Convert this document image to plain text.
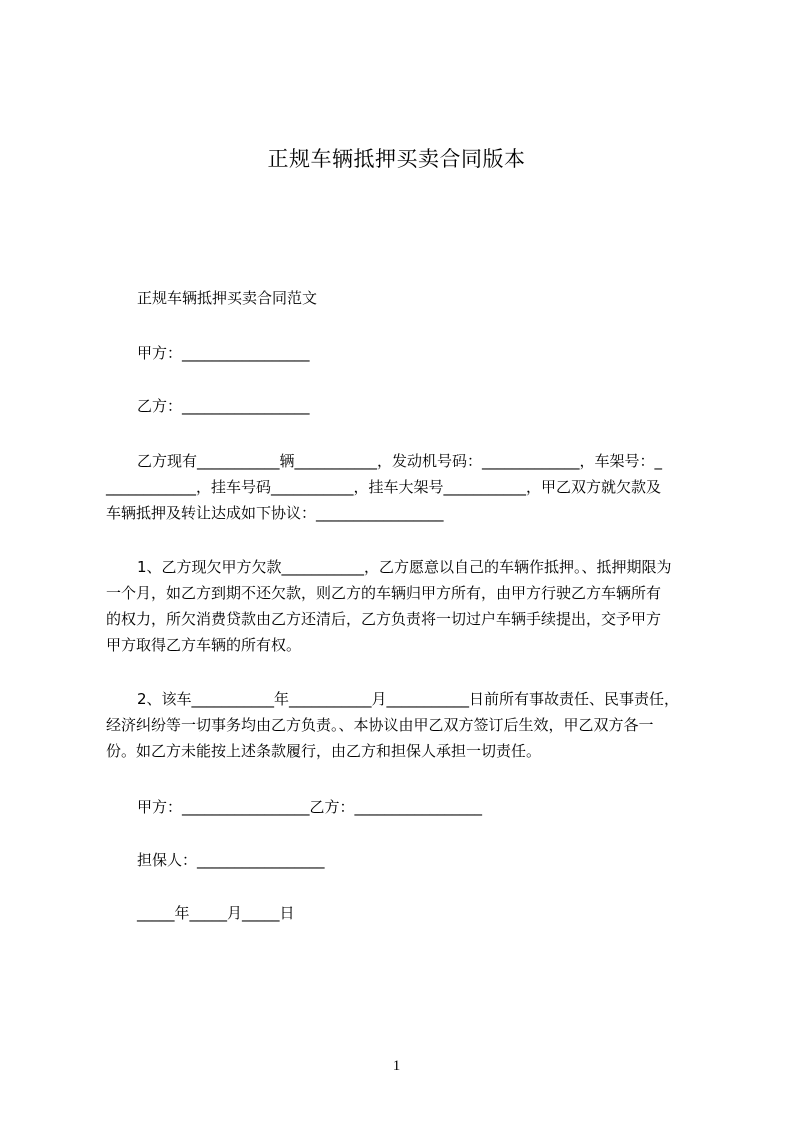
正规车辆抵押买卖合同版本
正规车辆抵押买卖合同范文
甲方：_________________
乙方：_________________
乙方现有___________辆___________，发动机号码：_____________，车架号：_
____________，挂车号码___________，挂车大架号___________，甲乙双方就欠款及
车辆抵押及转让达成如下协议：_________________
1、乙方现欠甲方欠款___________，乙方愿意以自己的车辆作抵押。、抵押期限为
一个月，如乙方到期不还欠款，则乙方的车辆归甲方所有，由甲方行驶乙方车辆所有
的权力，所欠消费贷款由乙方还清后，乙方负责将一切过户车辆手续提出，交予甲方
甲方取得乙方车辆的所有权。
2、该车___________年___________月___________日前所有事故责任、民事责任，
经济纠纷等一切事务均由乙方负责。、本协议由甲乙双方签订后生效，甲乙双方各一
份。如乙方未能按上述条款履行，由乙方和担保人承担一切责任。
甲方：_________________乙方：_________________
担保人：_________________
_____年_____月_____日
1
